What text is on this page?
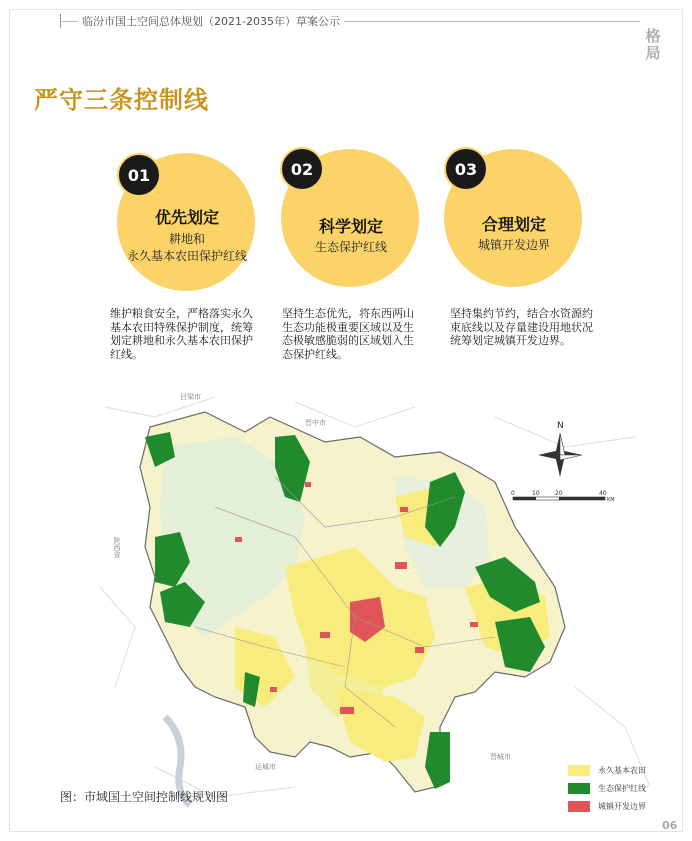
临汾市国土空间总体规划（2021-2035年）草案公示
格局
严守三条控制线
01
优先划定
耕地和
永久基本农田保护红线
维护粮食安全，严格落实永久
基本农田特殊保护制度，统筹
划定耕地和永久基本农田保护
红线。
02
科学划定
生态保护红线
坚持生态优先，将东西两山
生态功能极重要区域以及生
态极敏感脆弱的区域划入生
态保护红线。
03
合理划定
城镇开发边界
坚持集约节约，结合水资源约
束底线以及存量建设用地状况
统筹划定城镇开发边界。
吕梁市
晋中市
陕西省
运城市
晋城市
N
0	10	20	40
KM
永久基本农田
生态保护红线
城镇开发边界
图：市域国土空间控制线规划图
06
